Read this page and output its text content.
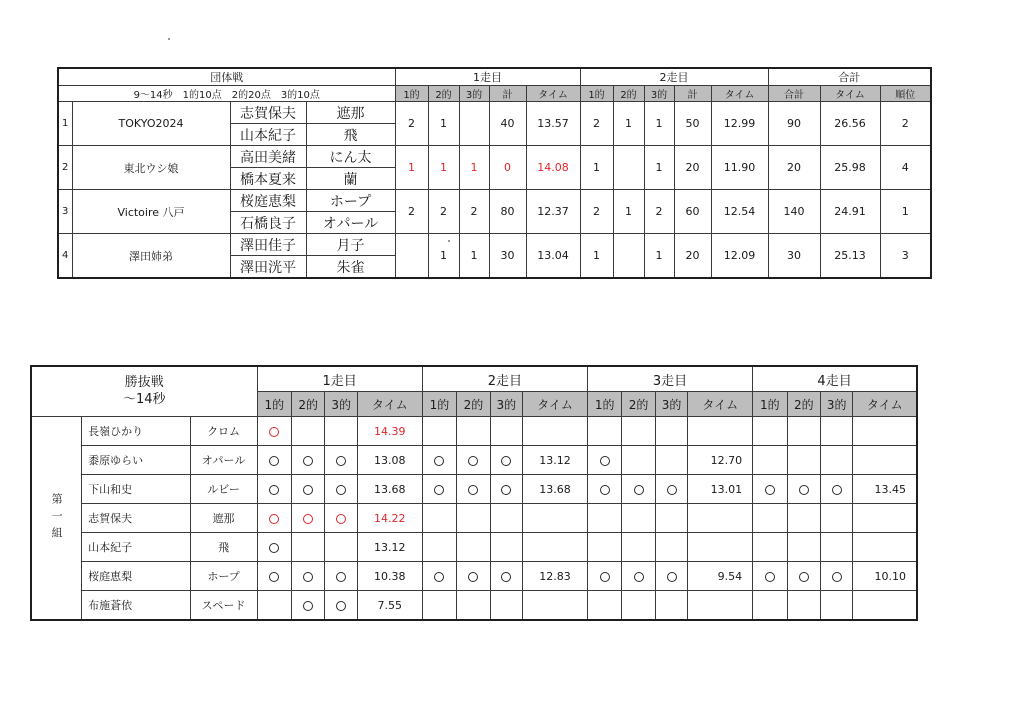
団体戦				1走目					2走目					合計		
9～14秒　1的10点　2的20点　3的10点				1的	2的	3的	計	タイム	1的	2的	3的	計	タイム	合計	タイム	順位
1	TOKYO2024	志賀保夫	遮那	2	1		40	13.57	2	1	1	50	12.99	90	26.56	2
		山本紀子	飛													
2	東北ウシ娘	高田美緒	にん太	1	1	1	0	14.08	1		1	20	11.90	20	25.98	4
		橋本夏来	蘭													
3	Victoire 八戸	桜庭恵梨	ホープ	2	2	2	80	12.37	2	1	2	60	12.54	140	24.91	1
		石橋良子	オパール													
4	澤田姉弟	澤田佳子	月子		1	1	30	13.04	1		1	20	12.09	30	25.13	3
		澤田洸平	朱雀													
勝抜戦
～14秒			1走目				2走目				3走目				4走目			
			1的	2的	3的	タイム	1的	2的	3的	タイム	1的	2的	3的	タイム	1的	2的	3的	タイム

第一組	長嶺ひかり	クロム				14.39												
	黍原ゆらい	オパール				13.08				13.12				12.70				
	下山和史	ルビー				13.68				13.68				13.01				13.45
	志賀保夫	遮那				14.22												
	山本紀子	飛				13.12												
	桜庭恵梨	ホープ				10.38				12.83				9.54				10.10
	布施蒼依	スペード				7.55												
